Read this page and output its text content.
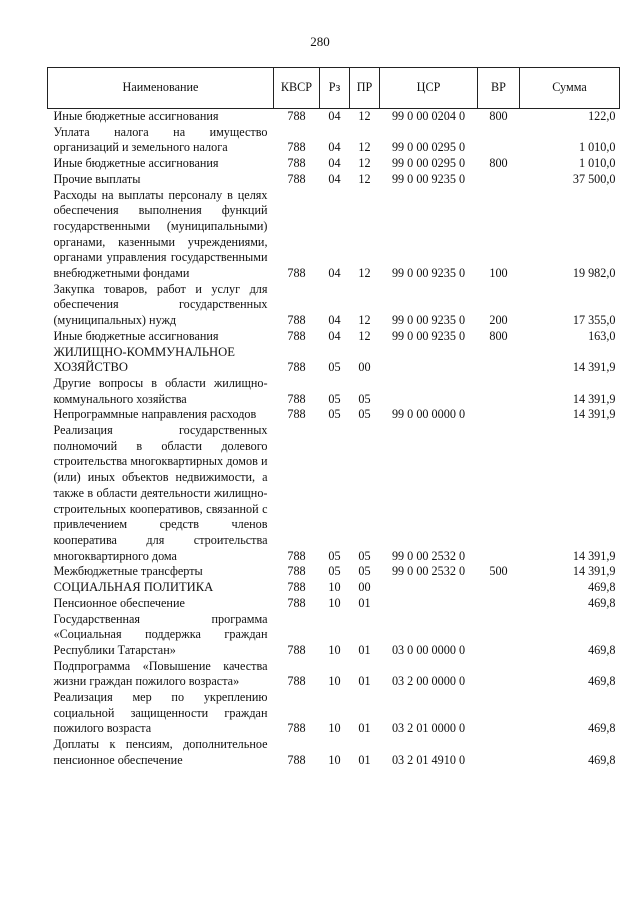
280
Наименование	КВСР	Рз	ПР	ЦСР	ВР	Сумма
Иные бюджетные ассигнования	788	04	12	99 0 00 0204 0	800	122,0
Уплата налога на имущество организаций и земельного налога	788	04	12	99 0 00 0295 0		1 010,0
Иные бюджетные ассигнования	788	04	12	99 0 00 0295 0	800	1 010,0
Прочие выплаты	788	04	12	99 0 00 9235 0		37 500,0
Расходы на выплаты персоналу в целях обеспечения выполнения функций государственными (муниципальными) органами, казенными учреждениями, органами управления государственными внебюджетными фондами	788	04	12	99 0 00 9235 0	100	19 982,0
Закупка товаров, работ и услуг для обеспечения государственных (муниципальных) нужд	788	04	12	99 0 00 9235 0	200	17 355,0
Иные бюджетные ассигнования	788	04	12	99 0 00 9235 0	800	163,0
ЖИЛИЩНО-КОММУНАЛЬНОЕ ХОЗЯЙСТВО	788	05	00			14 391,9
Другие вопросы в области жилищно-коммунального хозяйства	788	05	05			14 391,9
Непрограммные направления расходов	788	05	05	99 0 00 0000 0		14 391,9
Реализация государственных полномочий в области долевого строительства многоквартирных домов и (или) иных объектов недвижимости, а также в области деятельности жилищно-строительных кооперативов, связанной с привлечением средств членов кооператива для строительства многоквартирного дома	788	05	05	99 0 00 2532 0		14 391,9
Межбюджетные трансферты	788	05	05	99 0 00 2532 0	500	14 391,9
СОЦИАЛЬНАЯ ПОЛИТИКА	788	10	00			469,8
Пенсионное обеспечение	788	10	01			469,8
Государственная программа «Социальная поддержка граждан Республики Татарстан»	788	10	01	03 0 00 0000 0		469,8
Подпрограмма «Повышение качества жизни граждан пожилого возраста»	788	10	01	03 2 00 0000 0		469,8
Реализация мер по укреплению социальной защищенности граждан пожилого возраста	788	10	01	03 2 01 0000 0		469,8
Доплаты к пенсиям, дополнительное пенсионное обеспечение	788	10	01	03 2 01 4910 0		469,8
